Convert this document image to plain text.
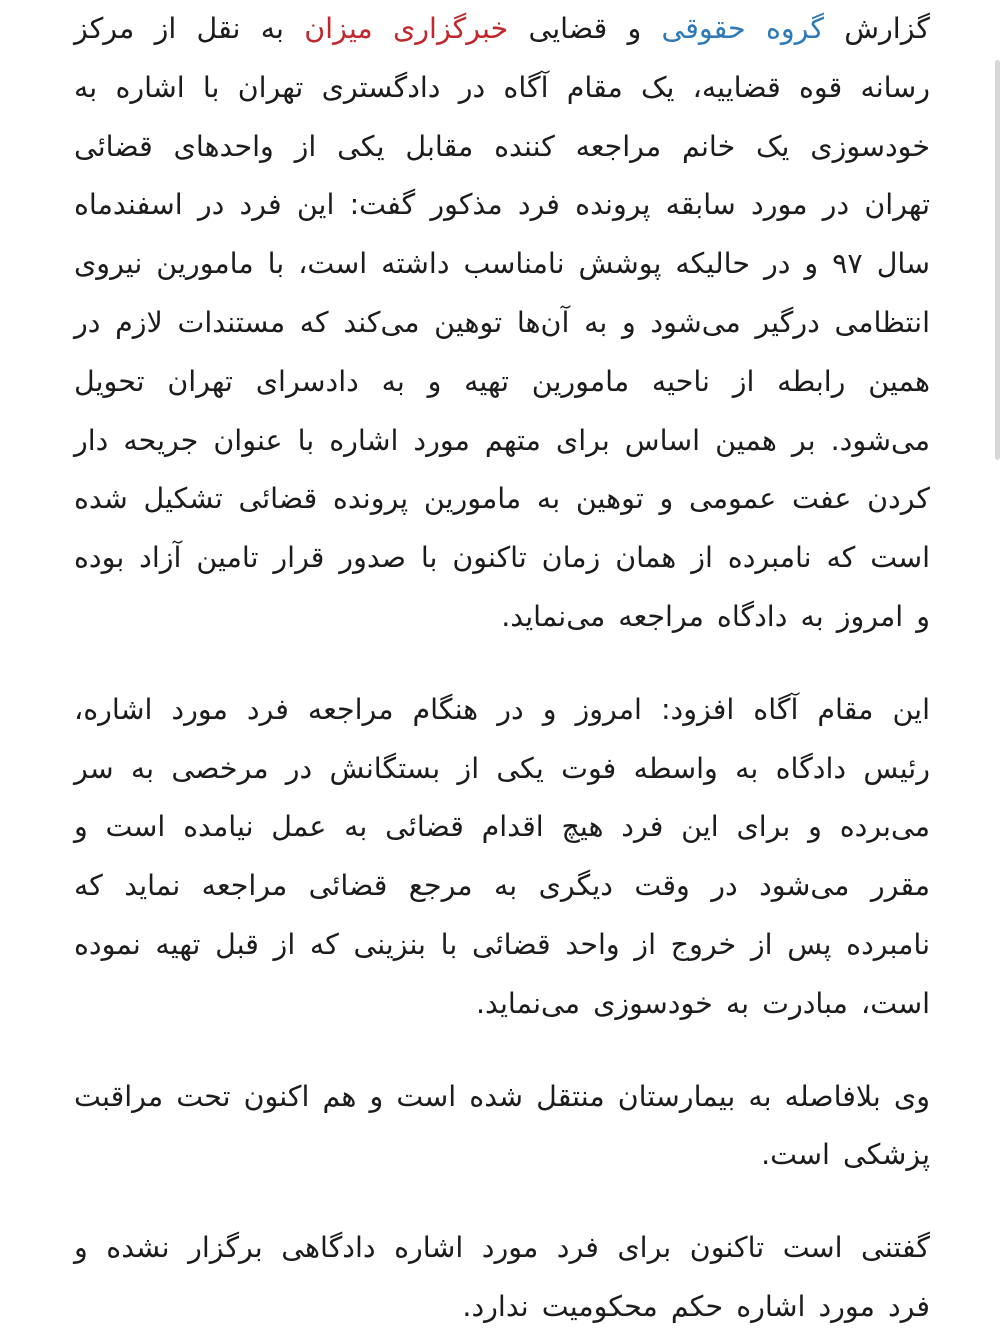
گزارش گروه حقوقی و قضایی خبرگزاری میزان به نقل از مرکز رسانه قوه قضاییه، یک مقام آگاه در دادگستری تهران با اشاره به خودسوزی یک خانم مراجعه کننده مقابل یکی از واحدهای قضائی تهران در مورد سابقه پرونده فرد مذکور گفت: این فرد در اسفندماه سال ۹۷ و در حالیکه پوشش نامناسب داشته است، با مامورین نیروی انتظامی درگیر می‌شود و به آن‌ها توهین می‌کند که مستندات لازم در همین رابطه از ناحیه مامورین تهیه و به دادسرای تهران تحویل می‌شود. بر همین اساس برای متهم مورد اشاره با عنوان جریحه دار کردن عفت عمومی و توهین به مامورین پرونده قضائی تشکیل شده است که نامبرده از همان زمان تاکنون با صدور قرار تامین آزاد بوده و امروز به دادگاه مراجعه می‌نماید.

این مقام آگاه افزود: امروز و در هنگام مراجعه فرد مورد اشاره، رئیس دادگاه به واسطه فوت یکی از بستگانش در مرخصی به سر می‌برده و برای این فرد هیچ اقدام قضائی به عمل نیامده است و مقرر می‌شود در وقت دیگری به مرجع قضائی مراجعه نماید که نامبرده پس از خروج از واحد قضائی با بنزینی که از قبل تهیه نموده است، مبادرت به خودسوزی می‌نماید.

وی بلافاصله به بیمارستان منتقل شده است و هم اکنون تحت مراقبت پزشکی است.

گفتنی است تاکنون برای فرد مورد اشاره دادگاهی برگزار نشده و فرد مورد اشاره حکم محکومیت ندارد.
